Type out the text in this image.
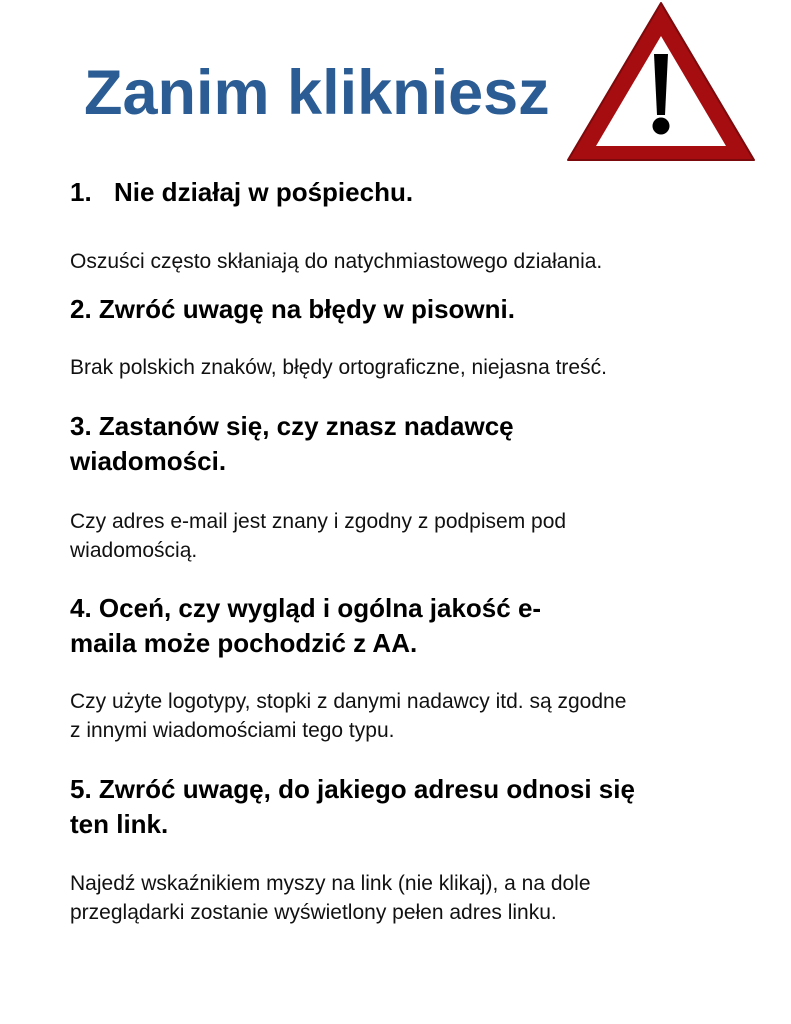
Zanim klikniesz
1. Nie działaj w pośpiechu.

Oszuści często skłaniają do natychmiastowego działania.

2. Zwróć uwagę na błędy w pisowni.

Brak polskich znaków, błędy ortograficzne, niejasna treść.

3. Zastanów się, czy znasz nadawcę
wiadomości.

Czy adres e-mail jest znany i zgodny z podpisem pod
wiadomością.

4. Oceń, czy wygląd i ogólna jakość e-
maila może pochodzić z AA.

Czy użyte logotypy, stopki z danymi nadawcy itd. są zgodne
z innymi wiadomościami tego typu.

5. Zwróć uwagę, do jakiego adresu odnosi się
ten link.

Najedź wskaźnikiem myszy na link (nie klikaj), a na dole
przeglądarki zostanie wyświetlony pełen adres linku.
